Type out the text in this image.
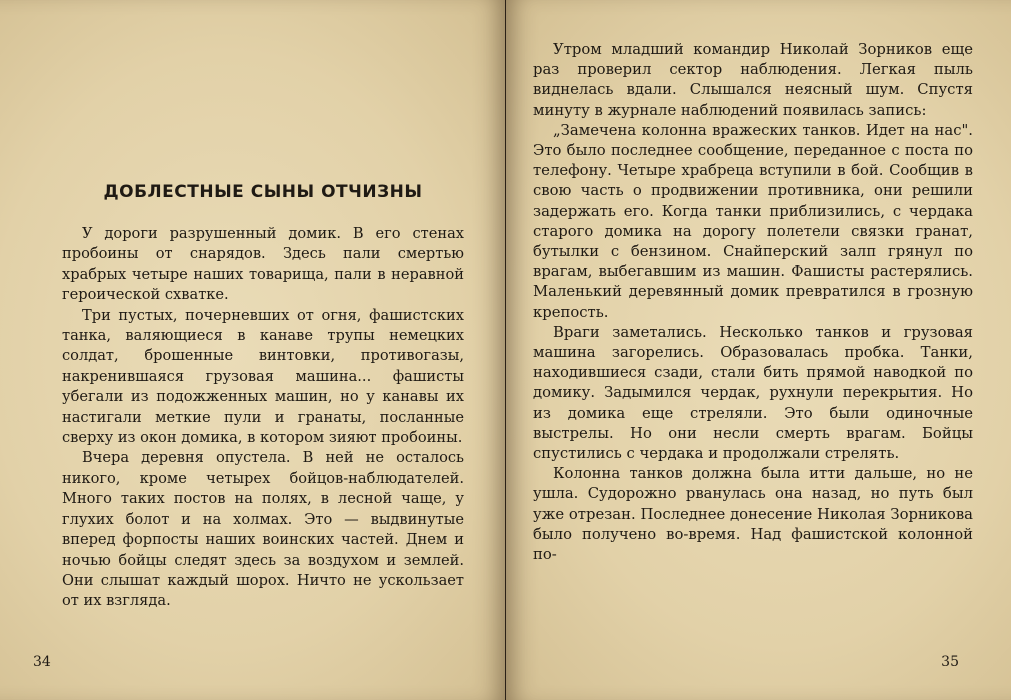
ДОБЛЕСТНЫЕ СЫНЫ ОТЧИЗНЫ

У дороги разрушенный домик. В его стенах пробоины от снарядов. Здесь пали смертью храбрых четыре наших товарища, пали в неравной героической схватке.

Три пустых, почерневших от огня, фашистских танка, валяющиеся в канаве трупы немецких солдат, брошенные винтовки, противогазы, накренившаяся грузовая машина... фашисты убегали из подожженных машин, но у канавы их настигали меткие пули и гранаты, посланные сверху из окон домика, в котором зияют пробоины.

Вчера деревня опустела. В ней не осталось никого, кроме четырех бойцов-наблюдателей. Много таких постов на полях, в лесной чаще, у глухих болот и на холмах. Это — выдвинутые вперед форпосты наших воинских частей. Днем и ночью бойцы следят здесь за воздухом и землей. Они слышат каждый шорох. Ничто не ускользает от их взгляда.

34

Утром младший командир Николай Зорников еще раз проверил сектор наблюдения. Легкая пыль виднелась вдали. Слышался неясный шум. Спустя минуту в журнале наблюдений появилась запись:

„Замечена колонна вражеских танков. Идет на нас". Это было последнее сообщение, переданное с поста по телефону. Четыре храбреца вступили в бой. Сообщив в свою часть о продвижении противника, они решили задержать его. Когда танки приблизились, с чердака старого домика на дорогу полетели связки гранат, бутылки с бензином. Снайперский залп грянул по врагам, выбегавшим из машин. Фашисты растерялись. Маленький деревянный домик превратился в грозную крепость.

Враги заметались. Несколько танков и грузовая машина загорелись. Образовалась пробка. Танки, находившиеся сзади, стали бить прямой наводкой по домику. Задымился чердак, рухнули перекрытия. Но из домика еще стреляли. Это были одиночные выстрелы. Но они несли смерть врагам. Бойцы спустились с чердака и продолжали стрелять.

Колонна танков должна была итти дальше, но не ушла. Судорожно рванулась она назад, но путь был уже отрезан. Последнее донесение Николая Зорникова было получено во-время. Над фашистской колонной по-

35
